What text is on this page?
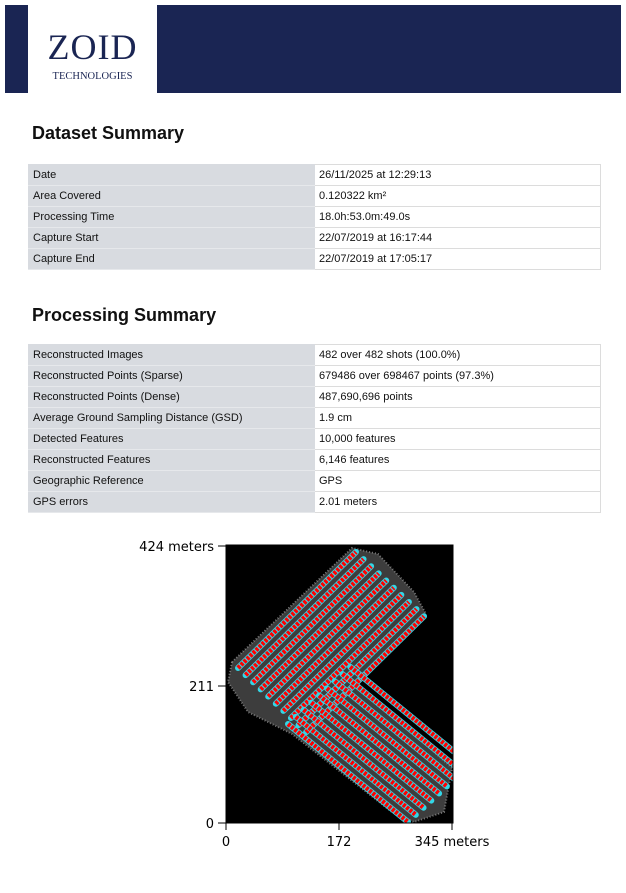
ZOID
TECHNOLOGIES
Dataset Summary
Date	26/11/2025 at 12:29:13
Area Covered	0.120322 km²
Processing Time	18.0h:53.0m:49.0s
Capture Start	22/07/2019 at 16:17:44
Capture End	22/07/2019 at 17:05:17
Processing Summary
Reconstructed Images	482 over 482 shots (100.0%)
Reconstructed Points (Sparse)	679486 over 698467 points (97.3%)
Reconstructed Points (Dense)	487,690,696 points
Average Ground Sampling Distance (GSD)	1.9 cm
Detected Features	10,000 features
Reconstructed Features	6,146 features
Geographic Reference	GPS
GPS errors	2.01 meters
424 meters
211
0
0	172	345 meters
